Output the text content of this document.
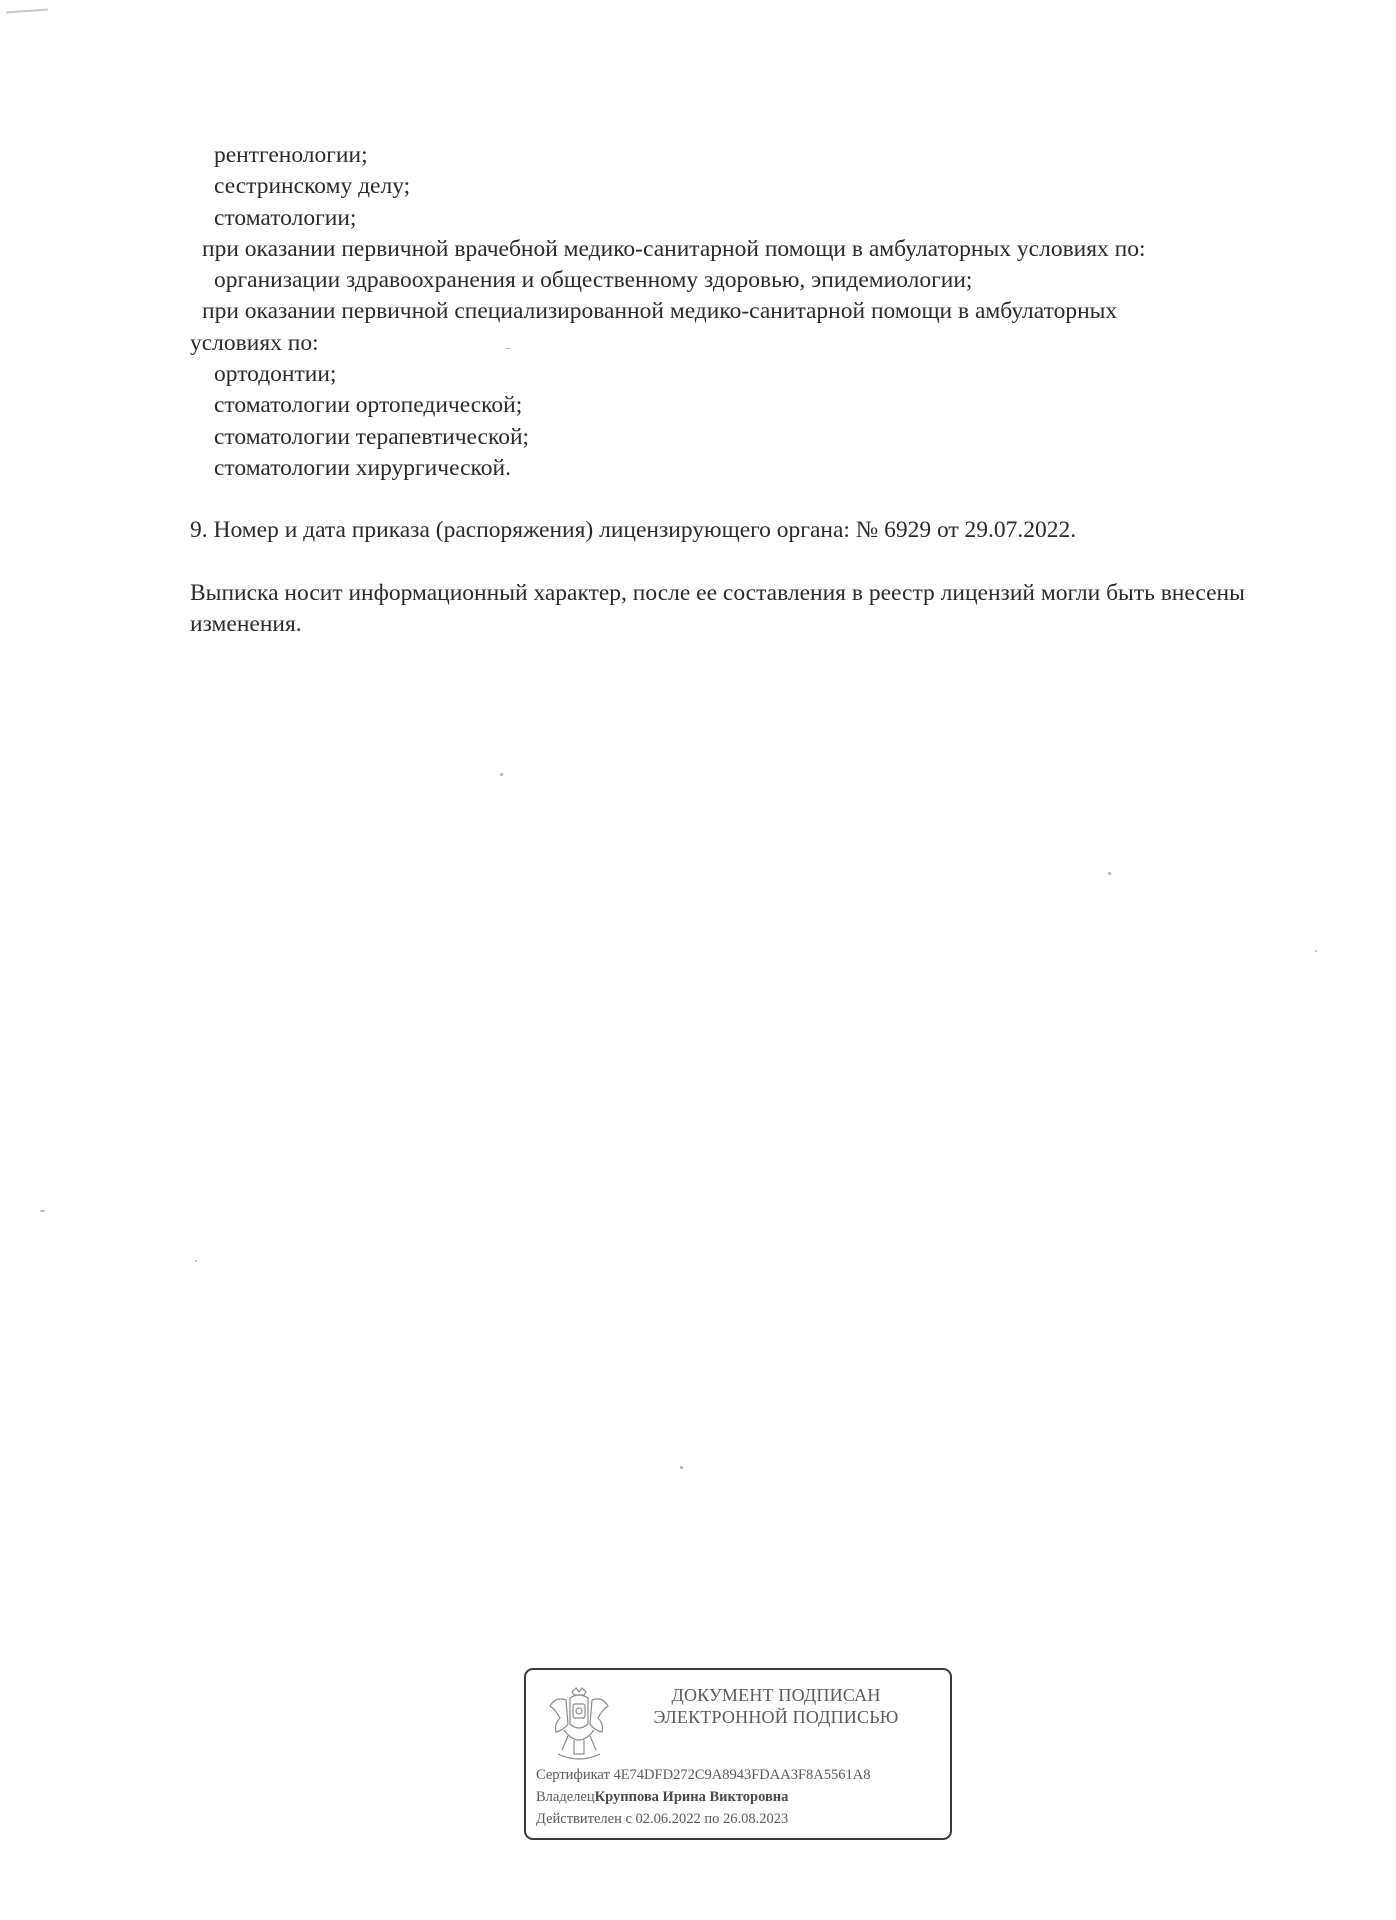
рентгенологии;
сестринскому делу;
стоматологии;
при оказании первичной врачебной медико-санитарной помощи в амбулаторных условиях по:
организации здравоохранения и общественному здоровью, эпидемиологии;
при оказании первичной специализированной медико-санитарной помощи в амбулаторных
условиях по:
ортодонтии;
стоматологии ортопедической;
стоматологии терапевтической;
стоматологии хирургической.
9. Номер и дата приказа (распоряжения) лицензирующего органа: № 6929 от 29.07.2022.
Выписка носит информационный характер, после ее составления в реестр лицензий могли быть внесены изменения.
ДОКУМЕНТ ПОДПИСАН
ЭЛЕКТРОННОЙ ПОДПИСЬЮ
Сертификат 4E74DFD272C9A8943FDAA3F8A5561A8
ВладелецКруппова Ирина Викторовна
Действителен с 02.06.2022 по 26.08.2023
